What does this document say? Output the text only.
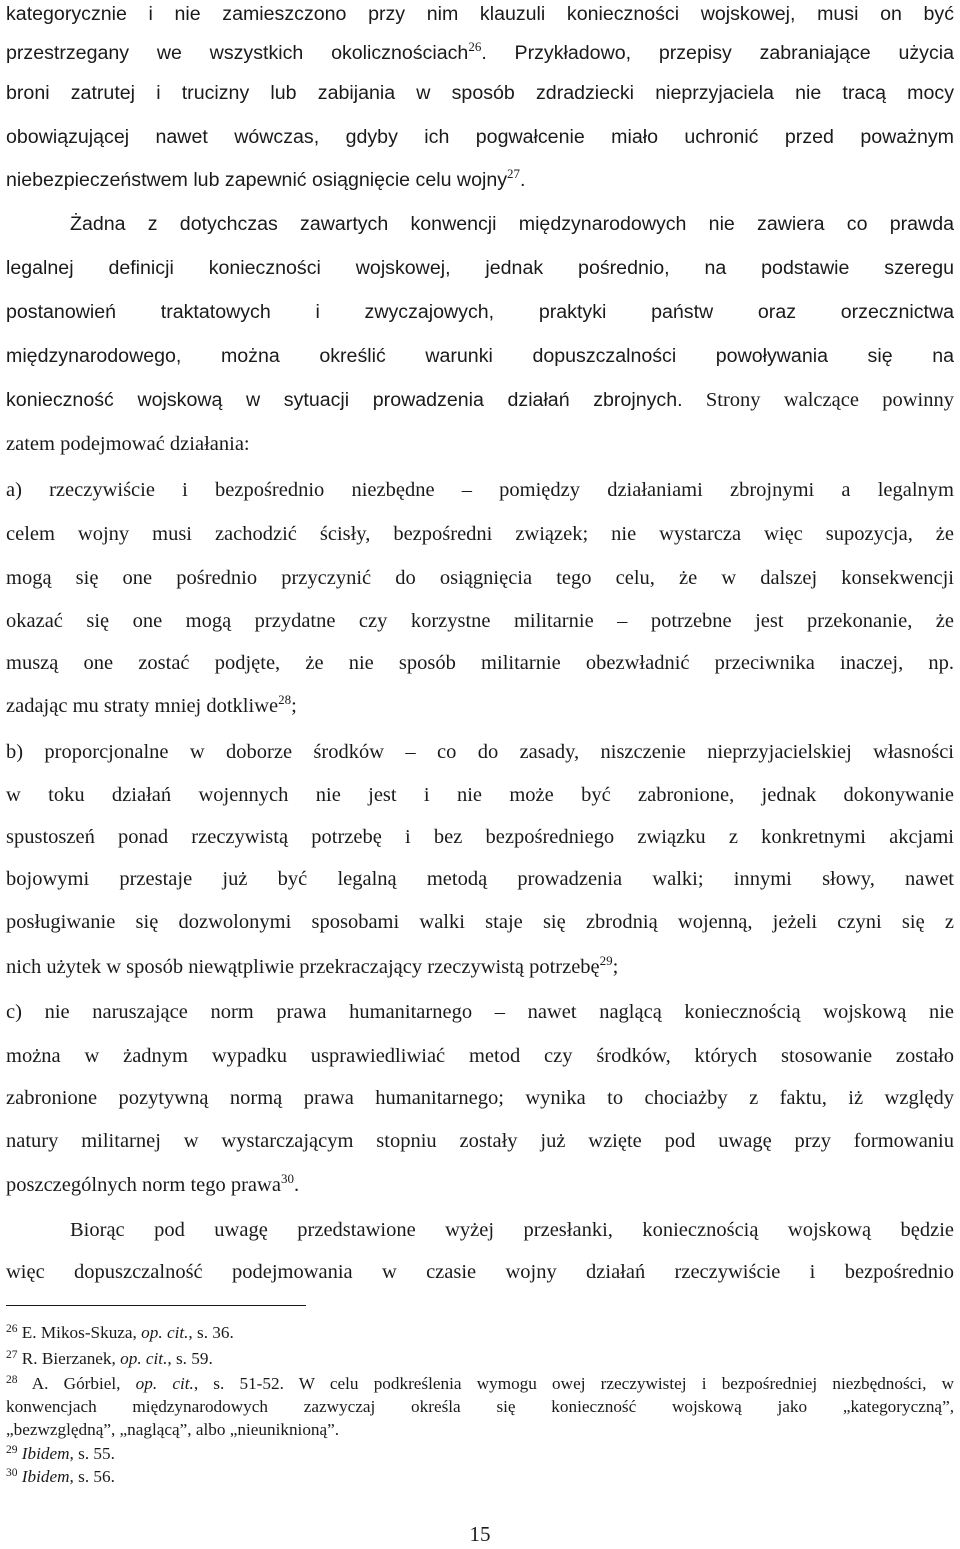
kategorycznie i nie zamieszczono przy nim klauzuli konieczności wojskowej, musi on być
przestrzegany we wszystkich okolicznościach$^{26}$. Przykładowo, przepisy zabraniające użycia
broni zatrutej i trucizny lub zabijania w sposób zdradziecki nieprzyjaciela nie tracą mocy
obowiązującej nawet wówczas, gdyby ich pogwałcenie miało uchronić przed poważnym
niebezpieczeństwem lub zapewnić osiągnięcie celu wojny$^{27}$.
Żadna z dotychczas zawartych konwencji międzynarodowych nie zawiera co prawda
legalnej definicji konieczności wojskowej, jednak pośrednio, na podstawie szeregu
postanowień traktatowych i zwyczajowych, praktyki państw oraz orzecznictwa
międzynarodowego, można określić warunki dopuszczalności powoływania się na
konieczność wojskową w sytuacji prowadzenia działań zbrojnych. Strony walczące powinny
zatem podejmować działania:
a) rzeczywiście i bezpośrednio niezbędne – pomiędzy działaniami zbrojnymi a legalnym
celem wojny musi zachodzić ścisły, bezpośredni związek; nie wystarcza więc supozycja, że
mogą się one pośrednio przyczynić do osiągnięcia tego celu, że w dalszej konsekwencji
okazać się one mogą przydatne czy korzystne militarnie – potrzebne jest przekonanie, że
muszą one zostać podjęte, że nie sposób militarnie obezwładnić przeciwnika inaczej, np.
zadając mu straty mniej dotkliwe$^{28}$;
b) proporcjonalne w doborze środków – co do zasady, niszczenie nieprzyjacielskiej własności
w toku działań wojennych nie jest i nie może być zabronione, jednak dokonywanie
spustoszeń ponad rzeczywistą potrzebę i bez bezpośredniego związku z konkretnymi akcjami
bojowymi przestaje już być legalną metodą prowadzenia walki; innymi słowy, nawet
posługiwanie się dozwolonymi sposobami walki staje się zbrodnią wojenną, jeżeli czyni się z
nich użytek w sposób niewątpliwie przekraczający rzeczywistą potrzebę$^{29}$;
c) nie naruszające norm prawa humanitarnego – nawet naglącą koniecznością wojskową nie
można w żadnym wypadku usprawiedliwiać metod czy środków, których stosowanie zostało
zabronione pozytywną normą prawa humanitarnego; wynika to chociażby z faktu, iż względy
natury militarnej w wystarczającym stopniu zostały już wzięte pod uwagę przy formowaniu
poszczególnych norm tego prawa$^{30}$.
Biorąc pod uwagę przedstawione wyżej przesłanki, koniecznością wojskową będzie
więc dopuszczalność podejmowania w czasie wojny działań rzeczywiście i bezpośrednio
$^{26}$ E. Mikos-Skuza, op. cit., s. 36.
$^{27}$ R. Bierzanek, op. cit., s. 59.
$^{28}$ A. Górbiel, op. cit., s. 51-52. W celu podkreślenia wymogu owej rzeczywistej i bezpośredniej niezbędności, w
konwencjach międzynarodowych zazwyczaj określa się konieczność wojskową jako „kategoryczną”,
„bezwzględną”, „naglącą”, albo „nieuniknioną”.
$^{29}$ Ibidem, s. 55.
$^{30}$ Ibidem, s. 56.
15
